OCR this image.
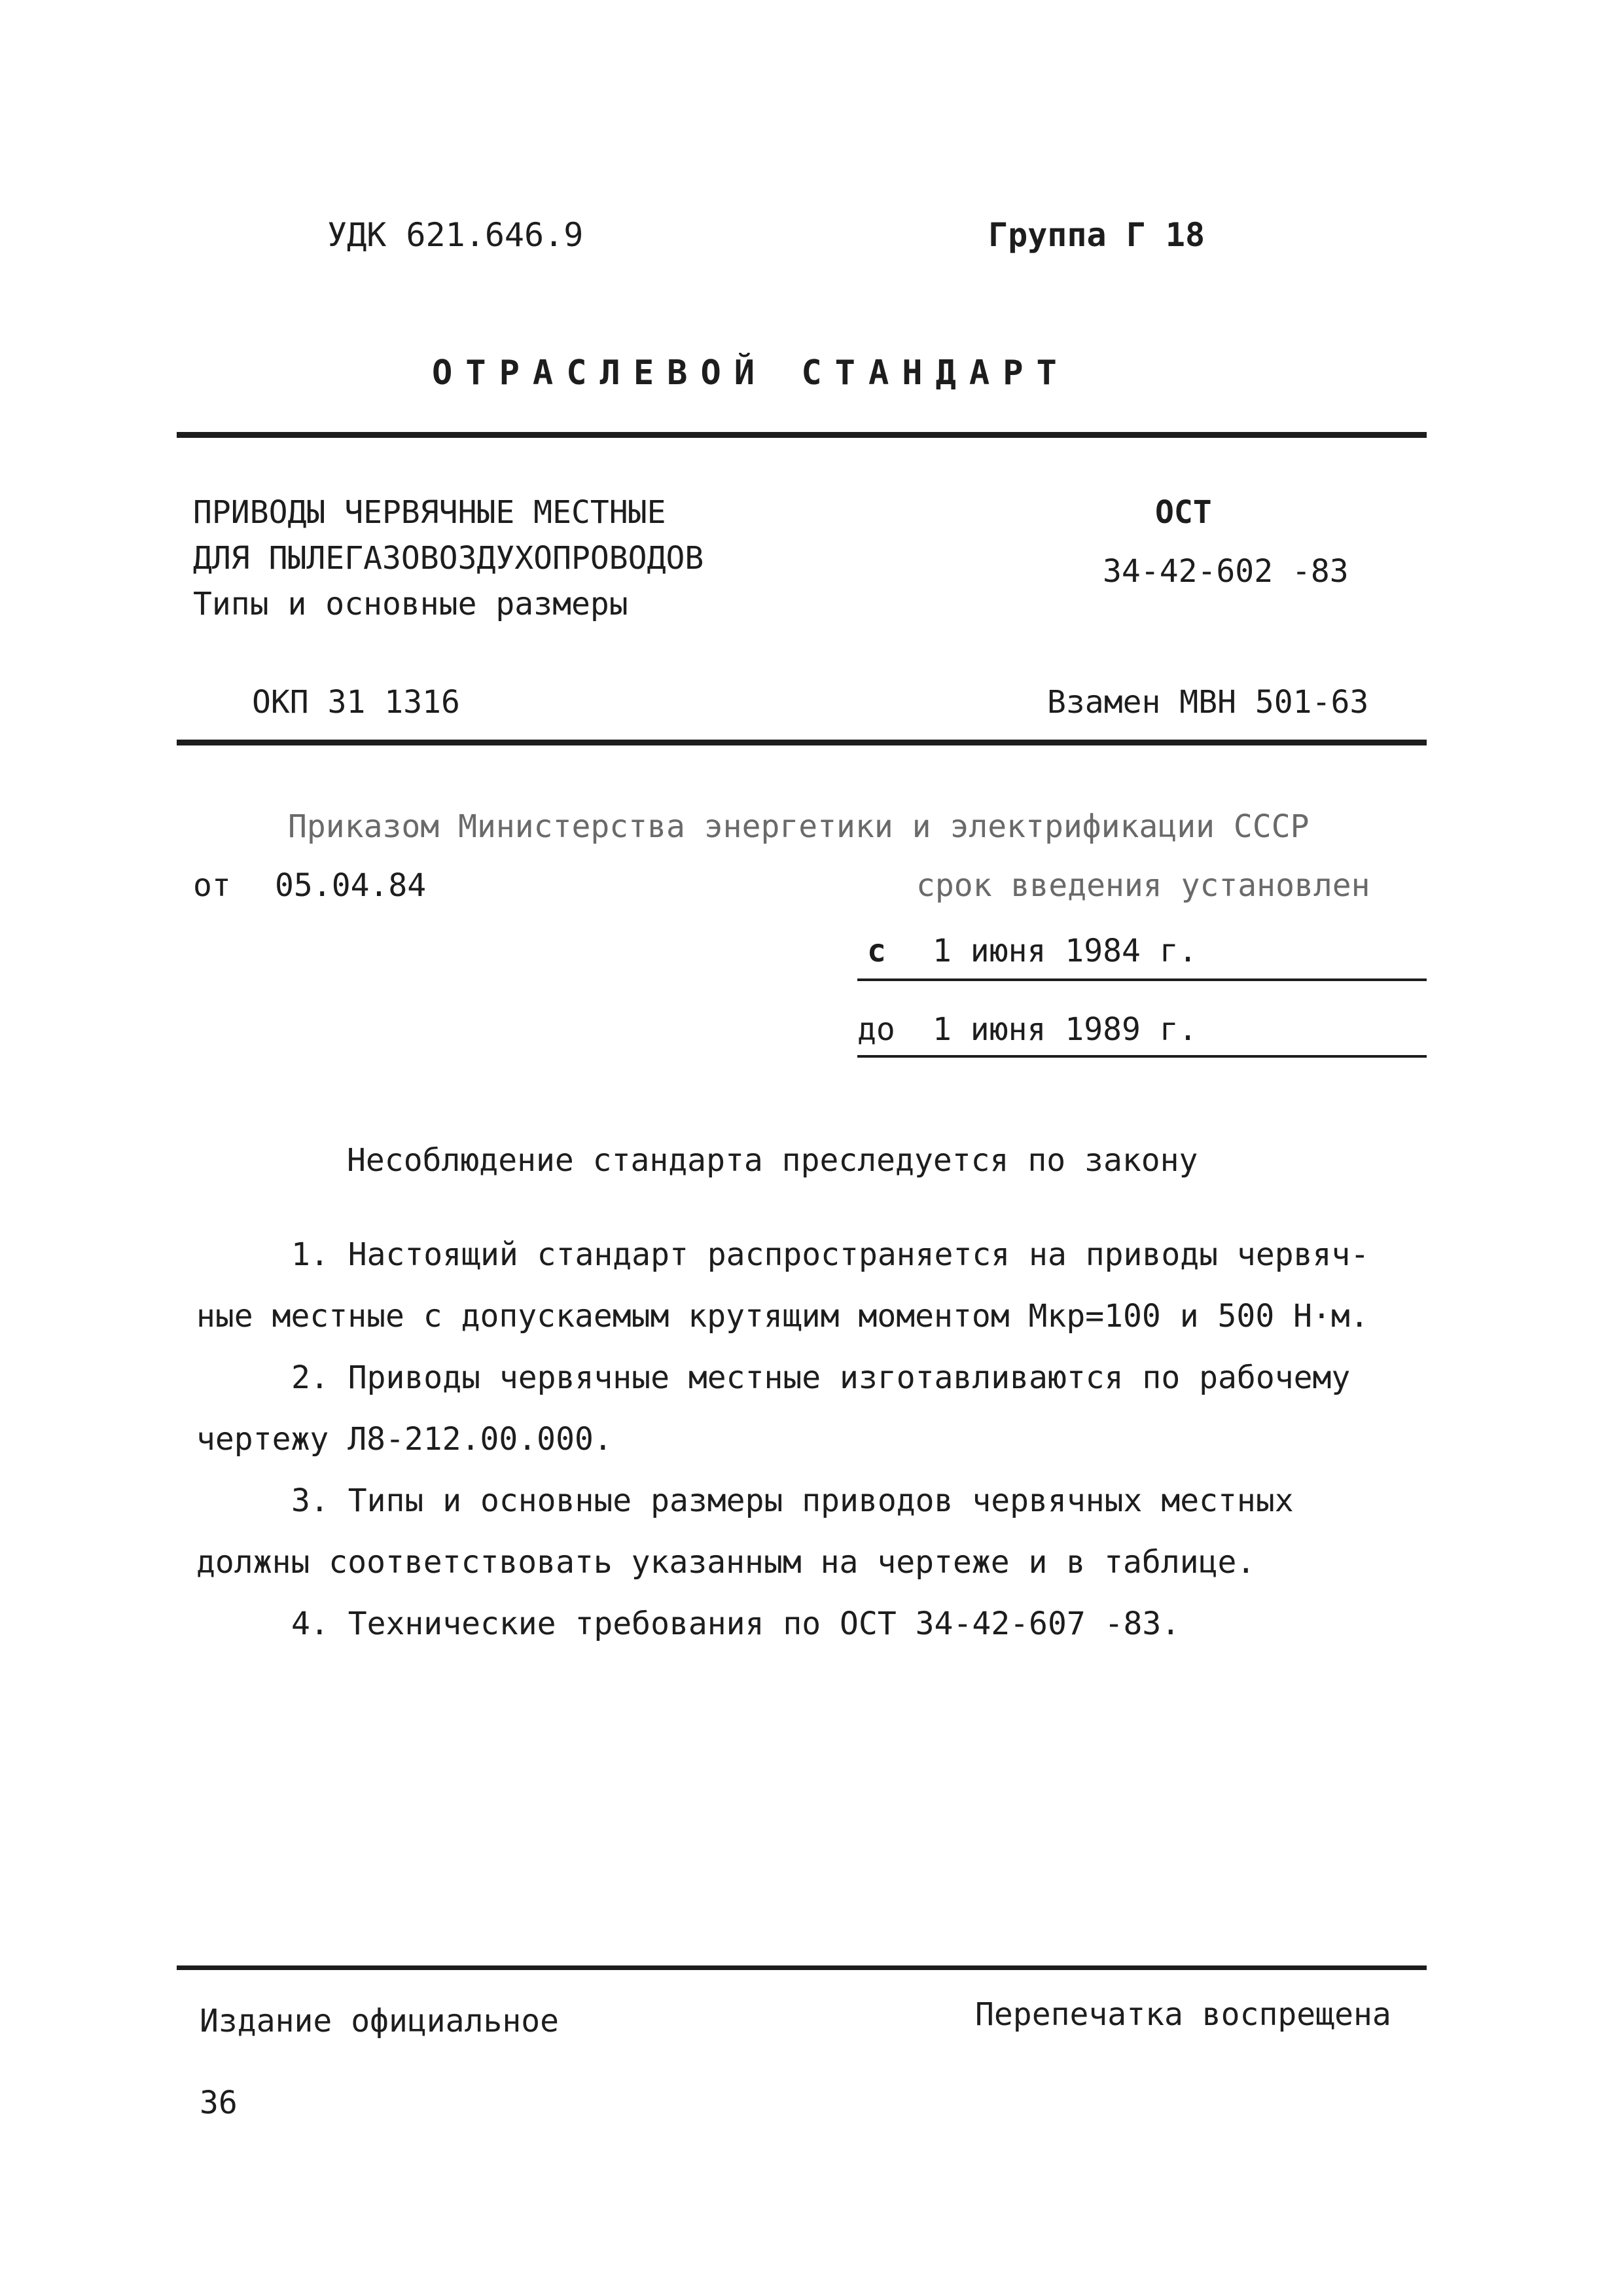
УДК 621.646.9	Группа Г 18
ОТРАСЛЕВОЙ СТАНДАРТ
ПРИВОДЫ ЧЕРВЯЧНЫЕ МЕСТНЫЕ
ДЛЯ ПЫЛЕГАЗОВОЗДУХОПРОВОДОВ
Типы и основные размеры
ОСТ
34-42-602 -83
ОКП 31 1316	Взамен МВН 501-63
Приказом Министерства энергетики и электрификации СССР
от 05.04.84	срок введения установлен
с 1 июня 1984 г.
до 1 июня 1989 г.
Несоблюдение стандарта преследуется по закону
1. Настоящий стандарт распространяется на приводы червяч-
ные местные с допускаемым крутящим моментом Мкр=100 и 500 Н·м.
2. Приводы червячные местные изготавливаются по рабочему
чертежу Л8-212.00.000.
3. Типы и основные размеры приводов червячных местных
должны соответствовать указанным на чертеже и в таблице.
4. Технические требования по ОСТ 34-42-607 -83.
Издание официальное	Перепечатка воспрещена
36
